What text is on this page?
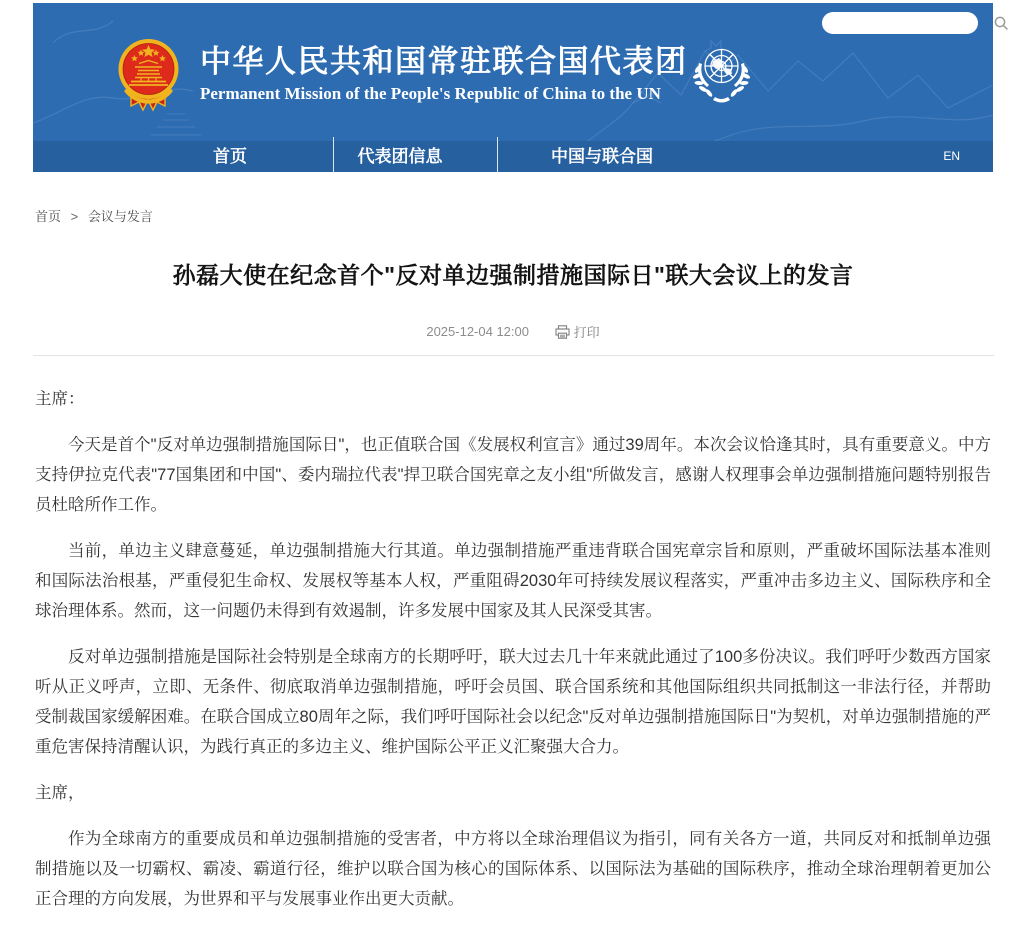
中华人民共和国常驻联合国代表团
Permanent Mission of the People's Republic of China to the UN
首页	代表团信息	中国与联合国	EN
首页 > 会议与发言
孙磊大使在纪念首个"反对单边强制措施国际日"联大会议上的发言
2025-12-04 12:00	打印

主席：

今天是首个"反对单边强制措施国际日"，也正值联合国《发展权利宣言》通过39周年。本次会议恰逢其时，具有重要意义。中方支持伊拉克代表"77国集团和中国"、委内瑞拉代表"捍卫联合国宪章之友小组"所做发言，感谢人权理事会单边强制措施问题特别报告员杜晗所作工作。

当前，单边主义肆意蔓延，单边强制措施大行其道。单边强制措施严重违背联合国宪章宗旨和原则，严重破坏国际法基本准则和国际法治根基，严重侵犯生命权、发展权等基本人权，严重阻碍2030年可持续发展议程落实，严重冲击多边主义、国际秩序和全球治理体系。然而，这一问题仍未得到有效遏制，许多发展中国家及其人民深受其害。

反对单边强制措施是国际社会特别是全球南方的长期呼吁，联大过去几十年来就此通过了100多份决议。我们呼吁少数西方国家听从正义呼声，立即、无条件、彻底取消单边强制措施，呼吁会员国、联合国系统和其他国际组织共同抵制这一非法行径，并帮助受制裁国家缓解困难。在联合国成立80周年之际，我们呼吁国际社会以纪念"反对单边强制措施国际日"为契机，对单边强制措施的严重危害保持清醒认识，为践行真正的多边主义、维护国际公平正义汇聚强大合力。

主席，

作为全球南方的重要成员和单边强制措施的受害者，中方将以全球治理倡议为指引，同有关各方一道，共同反对和抵制单边强制措施以及一切霸权、霸凌、霸道行径，维护以联合国为核心的国际体系、以国际法为基础的国际秩序，推动全球治理朝着更加公正合理的方向发展，为世界和平与发展事业作出更大贡献。
